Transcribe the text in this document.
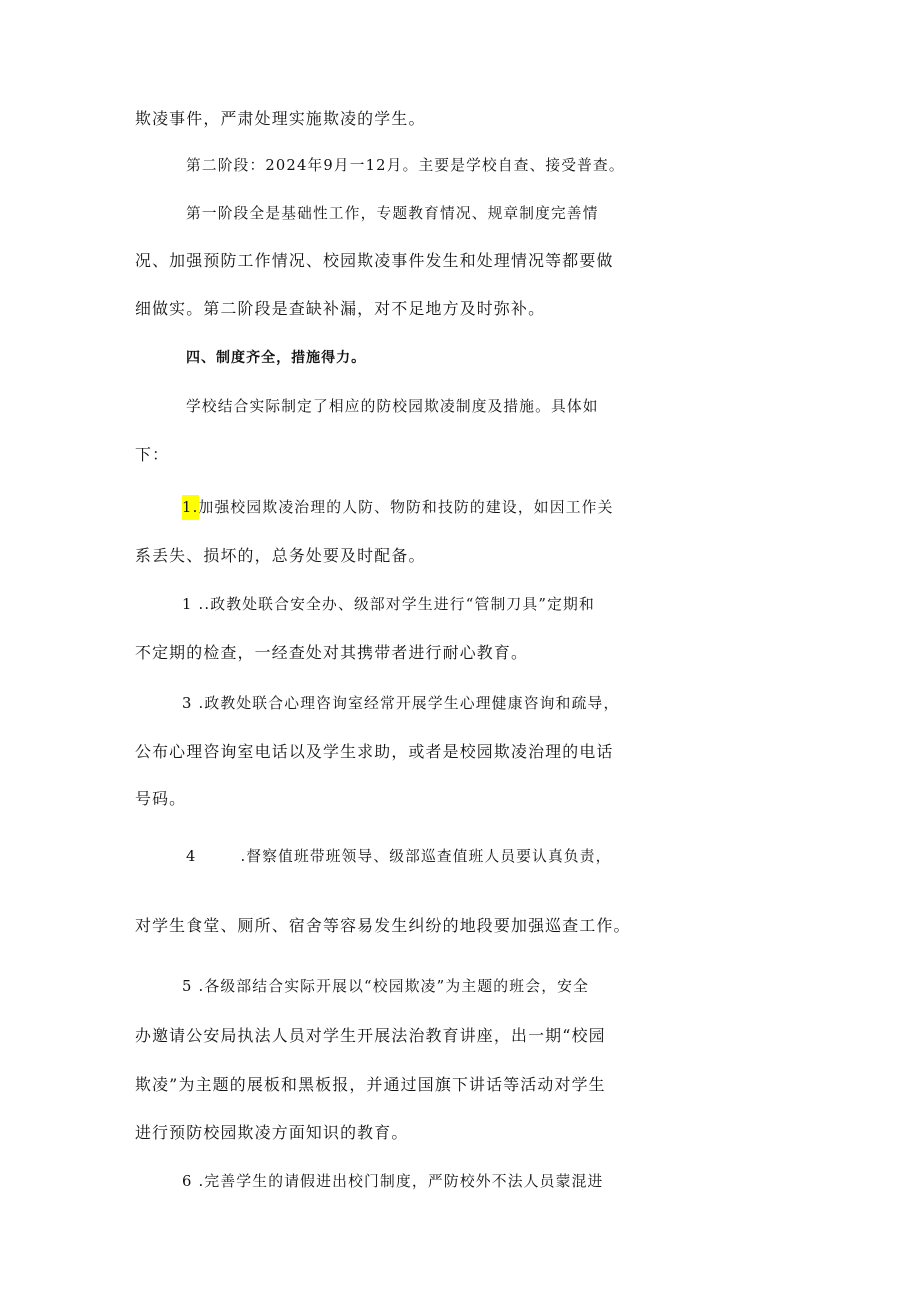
欺凌事件，严肃处理实施欺凌的学生。
第二阶段：2024年9月一12月。主要是学校自查、接受普查。
第一阶段全是基础性工作，专题教育情况、规章制度完善情
况、加强预防工作情况、校园欺凌事件发生和处理情况等都要做
细做实。第二阶段是查缺补漏，对不足地方及时弥补。
四、制度齐全，措施得力。
学校结合实际制定了相应的防校园欺凌制度及措施。具体如
下：
1.加强校园欺凌治理的人防、物防和技防的建设，如因工作关
系丢失、损坏的，总务处要及时配备。
1 ..政教处联合安全办、级部对学生进行“管制刀具”定期和
不定期的检查，一经查处对其携带者进行耐心教育。
3 .政教处联合心理咨询室经常开展学生心理健康咨询和疏导，
公布心理咨询室电话以及学生求助，或者是校园欺凌治理的电话
号码。
4	.督察值班带班领导、级部巡查值班人员要认真负责，
对学生食堂、厕所、宿舍等容易发生纠纷的地段要加强巡查工作。
5 .各级部结合实际开展以“校园欺凌”为主题的班会，安全
办邀请公安局执法人员对学生开展法治教育讲座，出一期“校园
欺凌”为主题的展板和黑板报，并通过国旗下讲话等活动对学生
进行预防校园欺凌方面知识的教育。
6 .完善学生的请假进出校门制度，严防校外不法人员蒙混进
